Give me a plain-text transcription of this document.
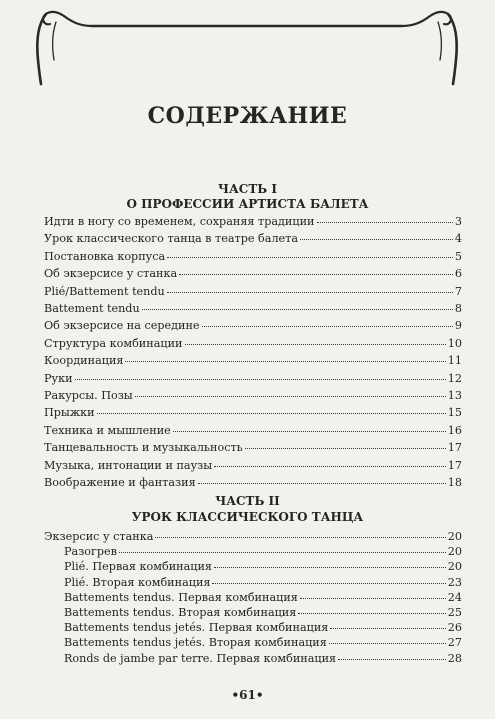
СОДЕРЖАНИЕ
ЧАСТЬ I
О ПРОФЕССИИ АРТИСТА БАЛЕТА
Идти в ногу со временем, сохраняя традиции	3
Урок классического танца в театре балета	4
Постановка корпуса	5
Об экзерсисе у станка	6
Plié/Battement tendu	7
Battement tendu	8
Об экзерсисе на середине	9
Структура комбинации	10
Координация	11
Руки	12
Ракурсы. Позы	13
Прыжки	15
Техника и мышление	16
Танцевальность и музыкальность	17
Музыка, интонации и паузы	17
Воображение и фантазия	18
ЧАСТЬ II
УРОК КЛАССИЧЕСКОГО ТАНЦА
Экзерсис у станка	20
Разогрев	20
Plié. Первая комбинация	20
Plié. Вторая комбинация	23
Battements tendus. Первая комбинация	24
Battements tendus. Вторая комбинация	25
Battements tendus jetés. Первая комбинация	26
Battements tendus jetés. Вторая комбинация	27
Ronds de jambe par terre. Первая комбинация	28
•61•
